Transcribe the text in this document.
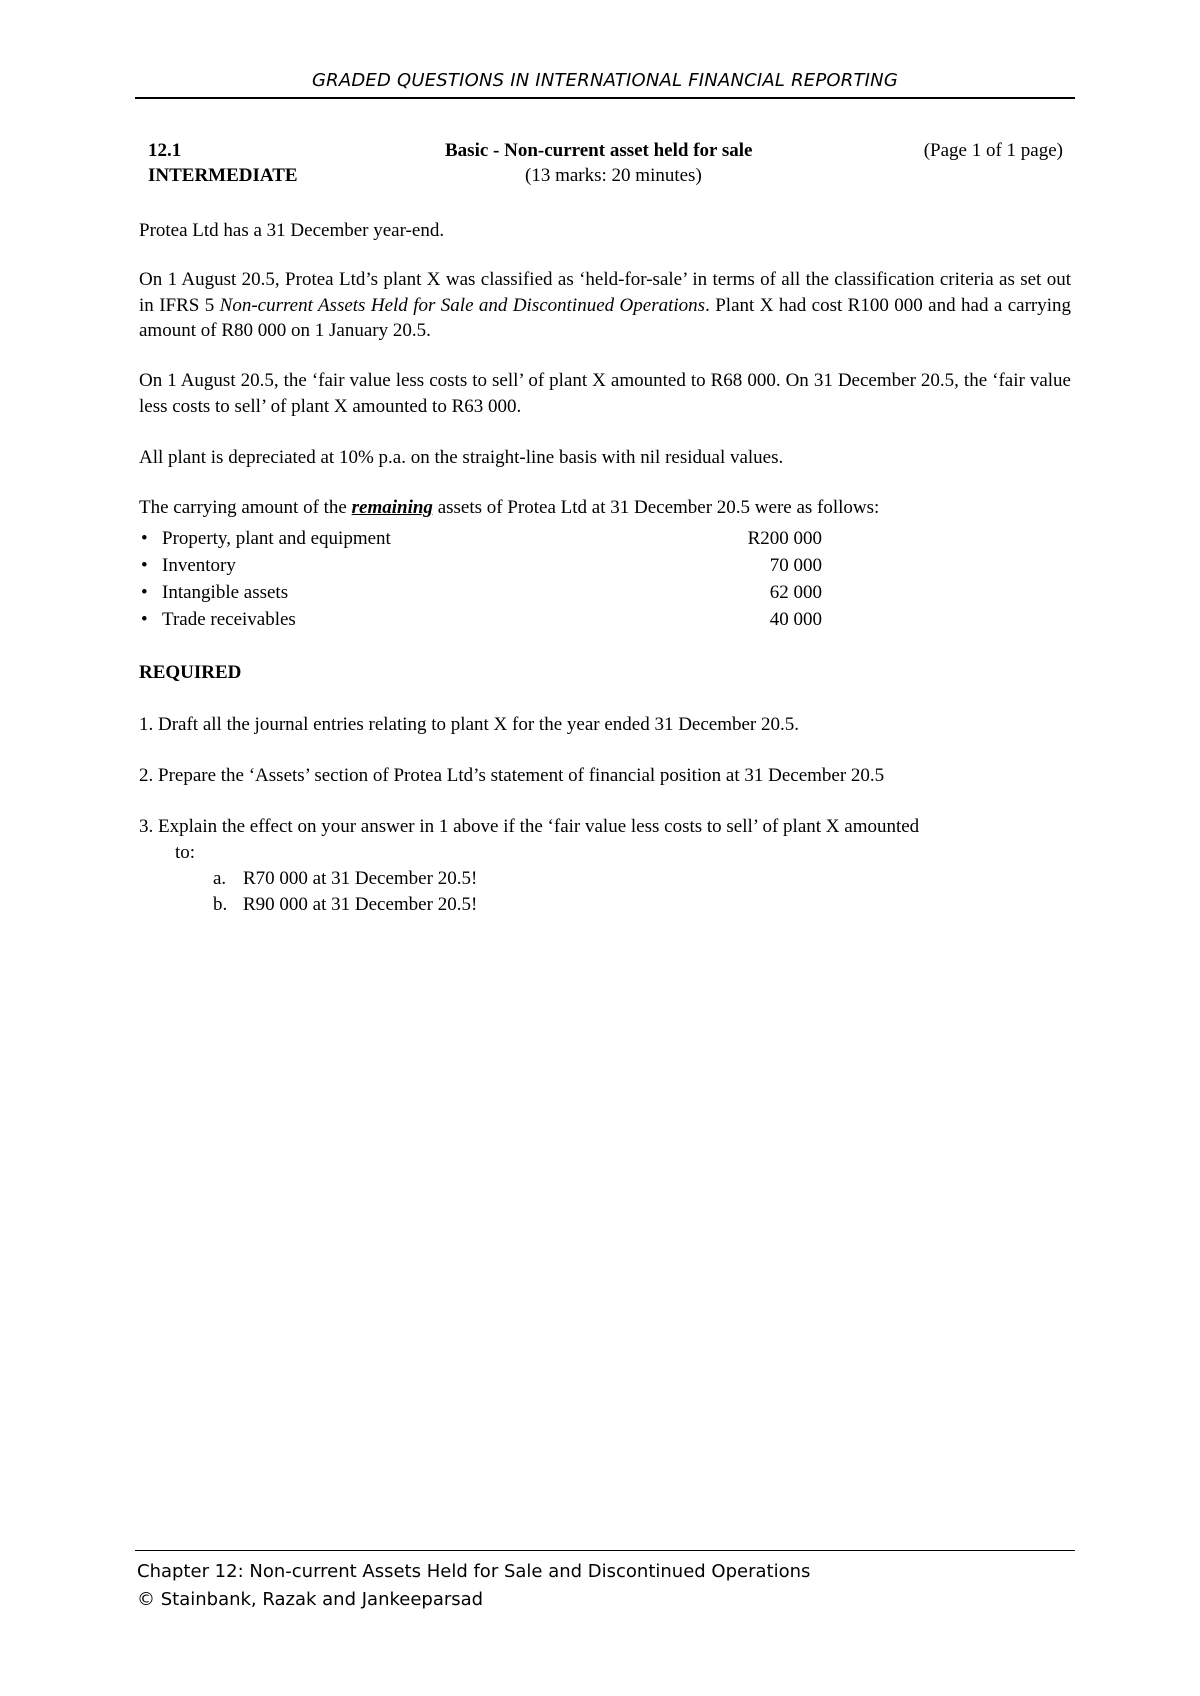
GRADED QUESTIONS IN INTERNATIONAL FINANCIAL REPORTING
12.1	Basic - Non-current asset held for sale	(Page 1 of 1 page)
INTERMEDIATE	(13 marks: 20 minutes)

Protea Ltd has a 31 December year-end.

On 1 August 20.5, Protea Ltd’s plant X was classified as ‘held-for-sale’ in terms of all the classification criteria as set out in IFRS 5 Non-current Assets Held for Sale and Discontinued Operations. Plant X had cost R100 000 and had a carrying amount of R80 000 on 1 January 20.5.

On 1 August 20.5, the ‘fair value less costs to sell’ of plant X amounted to R68 000. On 31 December 20.5, the ‘fair value less costs to sell’ of plant X amounted to R63 000.

All plant is depreciated at 10% p.a. on the straight-line basis with nil residual values.

The carrying amount of the remaining assets of Protea Ltd at 31 December 20.5 were as follows:

• Property, plant and equipment	R200 000
• Inventory	70 000
• Intangible assets	62 000
• Trade receivables	40 000

REQUIRED

1. Draft all the journal entries relating to plant X for the year ended 31 December 20.5.

2. Prepare the ‘Assets’ section of Protea Ltd’s statement of financial position at 31 December 20.5

3. Explain the effect on your answer in 1 above if the ‘fair value less costs to sell’ of plant X amounted

to:
a. R70 000 at 31 December 20.5!
b. R90 000 at 31 December 20.5!
Chapter 12: Non-current Assets Held for Sale and Discontinued Operations
© Stainbank, Razak and Jankeeparsad
